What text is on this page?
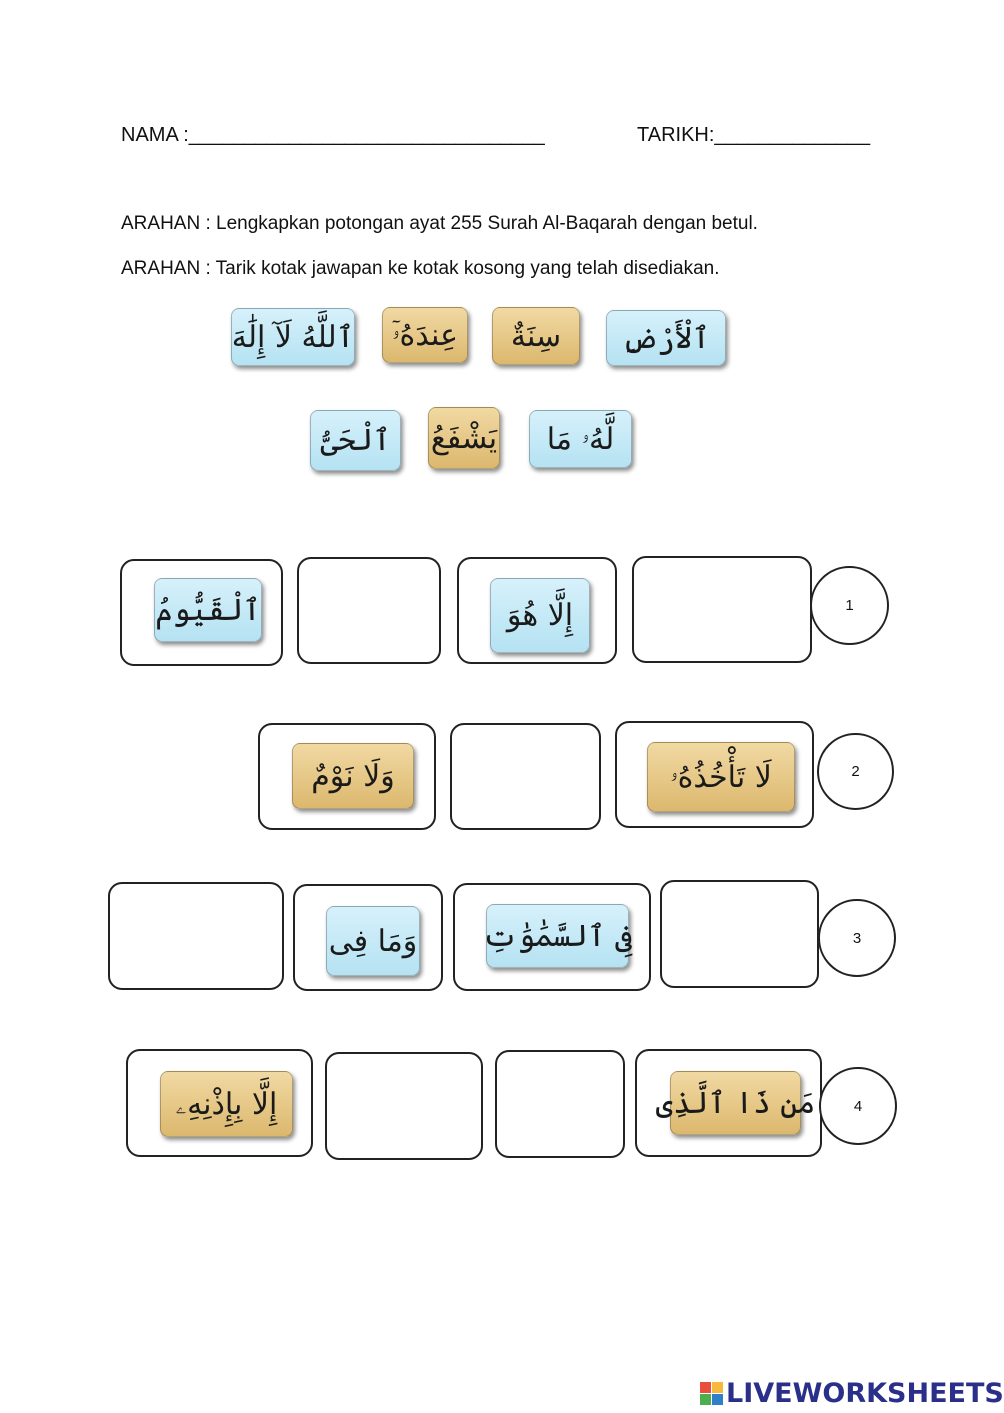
NAMA :________________________________	TARIKH:______________
ARAHAN : Lengkapkan potongan ayat 255 Surah Al-Baqarah dengan betul.
ARAHAN : Tarik kotak jawapan ke kotak kosong yang telah disediakan.
ٱللَّهُ لَآ إِلَٰهَ	عِندَهُۥٓ	سِنَةٌ	ٱلْأَرْضِ
ٱلْحَىُّ	يَشْفَعُ	لَّهُۥ مَا
ٱلْقَيُّومُ	إِلَّا هُوَ	1
وَلَا نَوْمٌ	لَا تَأْخُذُهُۥ	2
وَمَا فِى فِى ٱلسَّمَٰوَٰتِ	3
إِلَّا بِإِذْنِهِۦ	مَن ذَا ٱلَّذِى	4
LIVEWORKSHEETS
